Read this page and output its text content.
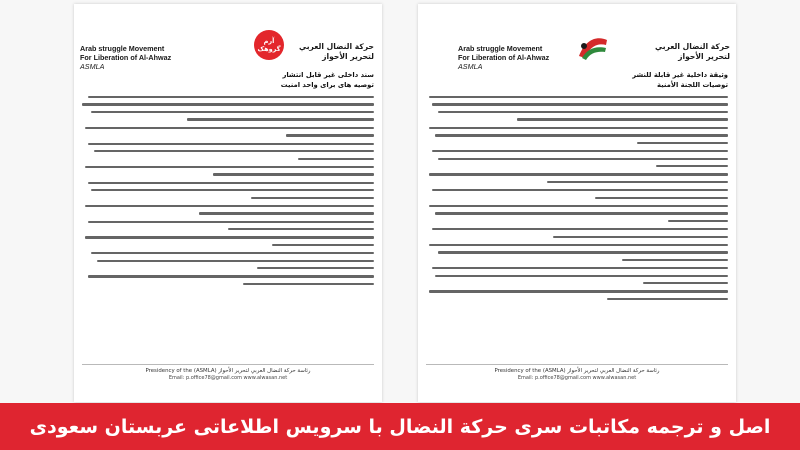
Arab struggle Movement
For Liberation of Al-Ahwaz
ASMLA
آرم
گروهک	حركة النضال العربي
لتحرير الأحواز
سند داخلی غیر قابل انتشار
توصیه های برای واحد امنیت
Presidency of the (ASMLA) رئاسة حركة النضال العربي لتحرير الأحواز
Email: p.office78@gmail.com www.alwasan.net
Arab struggle Movement
For Liberation of Al-Ahwaz
ASMLA
حركة النضال العربي
لتحرير الأحواز
وثيقة داخلية غير قابلة للنشر
توصيات اللجنة الأمنية
Presidency of the (ASMLA) رئاسة حركة النضال العربي لتحرير الأحواز
Email: p.office78@gmail.com www.alwasan.net
اصل و ترجمه مکاتبات سری حرکة النضال با سرویس اطلاعاتی عربستان سعودی
